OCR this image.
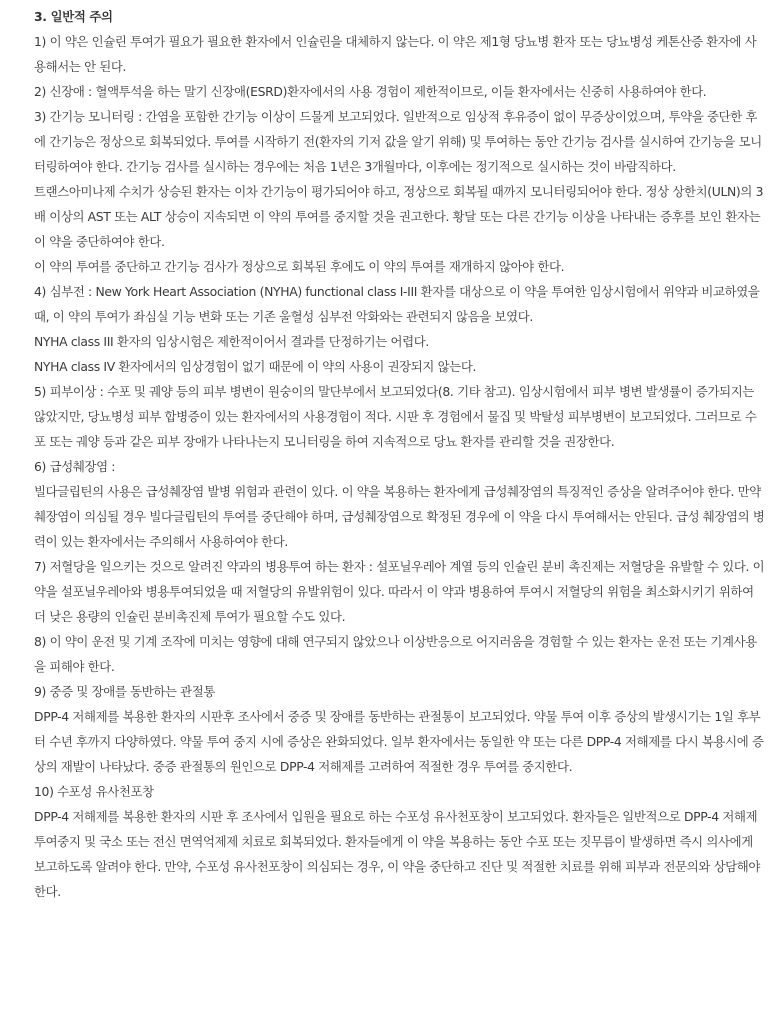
3. 일반적 주의

1) 이 약은 인슐린 투여가 필요가 필요한 환자에서 인슐린을 대체하지 않는다. 이 약은 제1형 당뇨병 환자 또는 당뇨병성 케톤산증 환자에 사용해서는 안 된다.

2) 신장애 : 혈액투석을 하는 말기 신장애(ESRD)환자에서의 사용 경험이 제한적이므로, 이들 환자에서는 신중히 사용하여야 한다.

3) 간기능 모니터링 : 간염을 포함한 간기능 이상이 드물게 보고되었다. 일반적으로 임상적 후유증이 없이 무증상이었으며, 투약을 중단한 후에 간기능은 정상으로 회복되었다. 투여를 시작하기 전(환자의 기저 값을 알기 위해) 및 투여하는 동안 간기능 검사를 실시하여 간기능을 모니터링하여야 한다. 간기능 검사를 실시하는 경우에는 처음 1년은 3개월마다, 이후에는 정기적으로 실시하는 것이 바람직하다.

트랜스아미나제 수치가 상승된 환자는 이차 간기능이 평가되어야 하고, 정상으로 회복될 때까지 모니터링되어야 한다. 정상 상한치(ULN)의 3배 이상의 AST 또는 ALT 상승이 지속되면 이 약의 투여를 중지할 것을 권고한다. 황달 또는 다른 간기능 이상을 나타내는 증후를 보인 환자는 이 약을 중단하여야 한다.

이 약의 투여를 중단하고 간기능 검사가 정상으로 회복된 후에도 이 약의 투여를 재개하지 않아야 한다.

4) 심부전 : New York Heart Association (NYHA) functional class I-III 환자를 대상으로 이 약을 투여한 임상시험에서 위약과 비교하였을 때, 이 약의 투여가 좌심실 기능 변화 또는 기존 울혈성 심부전 악화와는 관련되지 않음을 보였다.

NYHA class III 환자의 임상시험은 제한적이어서 결과를 단정하기는 어렵다.

NYHA class IV 환자에서의 임상경험이 없기 때문에 이 약의 사용이 권장되지 않는다.

5) 피부이상 : 수포 및 궤양 등의 피부 병변이 원숭이의 말단부에서 보고되었다(8. 기타 참고). 임상시험에서 피부 병변 발생률이 증가되지는 않았지만, 당뇨병성 피부 합병증이 있는 환자에서의 사용경험이 적다. 시판 후 경험에서 물집 및 박탈성 피부병변이 보고되었다. 그러므로 수포 또는 궤양 등과 같은 피부 장애가 나타나는지 모니터링을 하여 지속적으로 당뇨 환자를 관리할 것을 권장한다.

6) 급성췌장염 :

빌다글립틴의 사용은 급성췌장염 발병 위험과 관련이 있다. 이 약을 복용하는 환자에게 급성췌장염의 특징적인 증상을 알려주어야 한다. 만약 췌장염이 의심될 경우 빌다글립틴의 투여를 중단해야 하며, 급성췌장염으로 확정된 경우에 이 약을 다시 투여해서는 안된다. 급성 췌장염의 병력이 있는 환자에서는 주의해서 사용하여야 한다.

7) 저혈당을 일으키는 것으로 알려진 약과의 병용투여 하는 환자 : 설포닐우레아 계열 등의 인슐린 분비 촉진제는 저혈당을 유발할 수 있다. 이 약을 설포닐우레아와 병용투여되었을 때 저혈당의 유발위험이 있다. 따라서 이 약과 병용하여 투여시 저혈당의 위험을 최소화시키기 위하여 더 낮은 용량의 인슐린 분비촉진제 투여가 필요할 수도 있다.

8) 이 약이 운전 및 기계 조작에 미치는 영향에 대해 연구되지 않았으나 이상반응으로 어지러움을 경험할 수 있는 환자는 운전 또는 기계사용을 피해야 한다.

9) 중증 및 장애를 동반하는 관절통

DPP-4 저해제를 복용한 환자의 시판후 조사에서 중증 및 장애를 동반하는 관절통이 보고되었다. 약물 투여 이후 증상의 발생시기는 1일 후부터 수년 후까지 다양하였다. 약물 투여 중지 시에 증상은 완화되었다. 일부 환자에서는 동일한 약 또는 다른 DPP-4 저해제를 다시 복용시에 증상의 재발이 나타났다. 중증 관절통의 원인으로 DPP-4 저해제를 고려하여 적절한 경우 투여를 중지한다.

10) 수포성 유사천포창

DPP-4 저해제를 복용한 환자의 시판 후 조사에서 입원을 필요로 하는 수포성 유사천포창이 보고되었다. 환자들은 일반적으로 DPP-4 저해제 투여중지 및 국소 또는 전신 면역억제제 치료로 회복되었다. 환자들에게 이 약을 복용하는 동안 수포 또는 짓무름이 발생하면 즉시 의사에게 보고하도록 알려야 한다. 만약, 수포성 유사천포창이 의심되는 경우, 이 약을 중단하고 진단 및 적절한 치료를 위해 피부과 전문의와 상담해야 한다.
